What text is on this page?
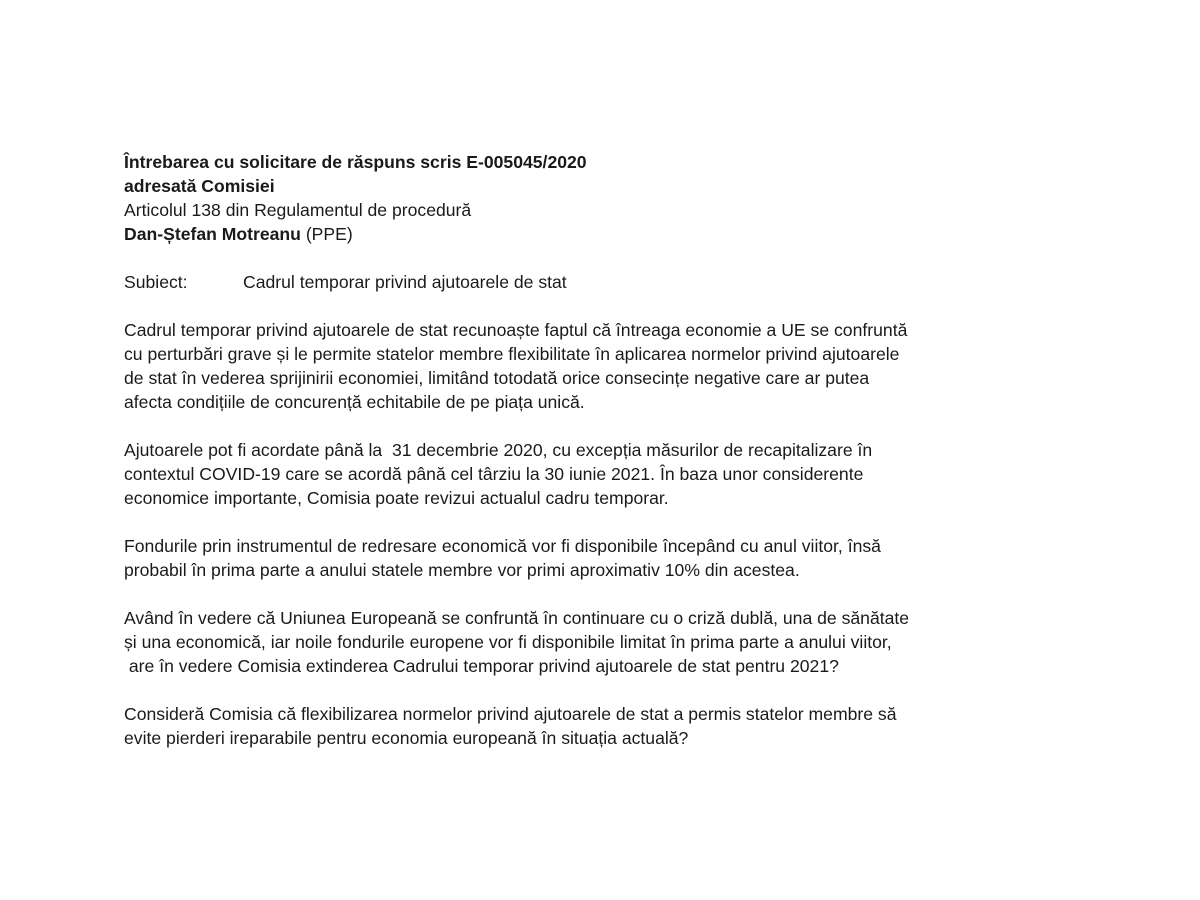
Întrebarea cu solicitare de răspuns scris E-005045/2020

adresată Comisiei

Articolul 138 din Regulamentul de procedură

Dan-Ștefan Motreanu (PPE)

Subiect:	Cadrul temporar privind ajutoarele de stat
Cadrul temporar privind ajutoarele de stat recunoaște faptul că întreaga economie a UE se confruntă
cu perturbări grave și le permite statelor membre flexibilitate în aplicarea normelor privind ajutoarele
de stat în vederea sprijinirii economiei, limitând totodată orice consecințe negative care ar putea
afecta condițiile de concurență echitabile de pe piața unică.
Ajutoarele pot fi acordate până la  31 decembrie 2020, cu excepția măsurilor de recapitalizare în
contextul COVID-19 care se acordă până cel târziu la 30 iunie 2021. În baza unor considerente
economice importante, Comisia poate revizui actualul cadru temporar.
Fondurile prin instrumentul de redresare economică vor fi disponibile începând cu anul viitor, însă
probabil în prima parte a anului statele membre vor primi aproximativ 10% din acestea.
Având în vedere că Uniunea Europeană se confruntă în continuare cu o criză dublă, una de sănătate
și una economică, iar noile fondurile europene vor fi disponibile limitat în prima parte a anului viitor,
are în vedere Comisia extinderea Cadrului temporar privind ajutoarele de stat pentru 2021?
Consideră Comisia că flexibilizarea normelor privind ajutoarele de stat a permis statelor membre să
evite pierderi ireparabile pentru economia europeană în situația actuală?
